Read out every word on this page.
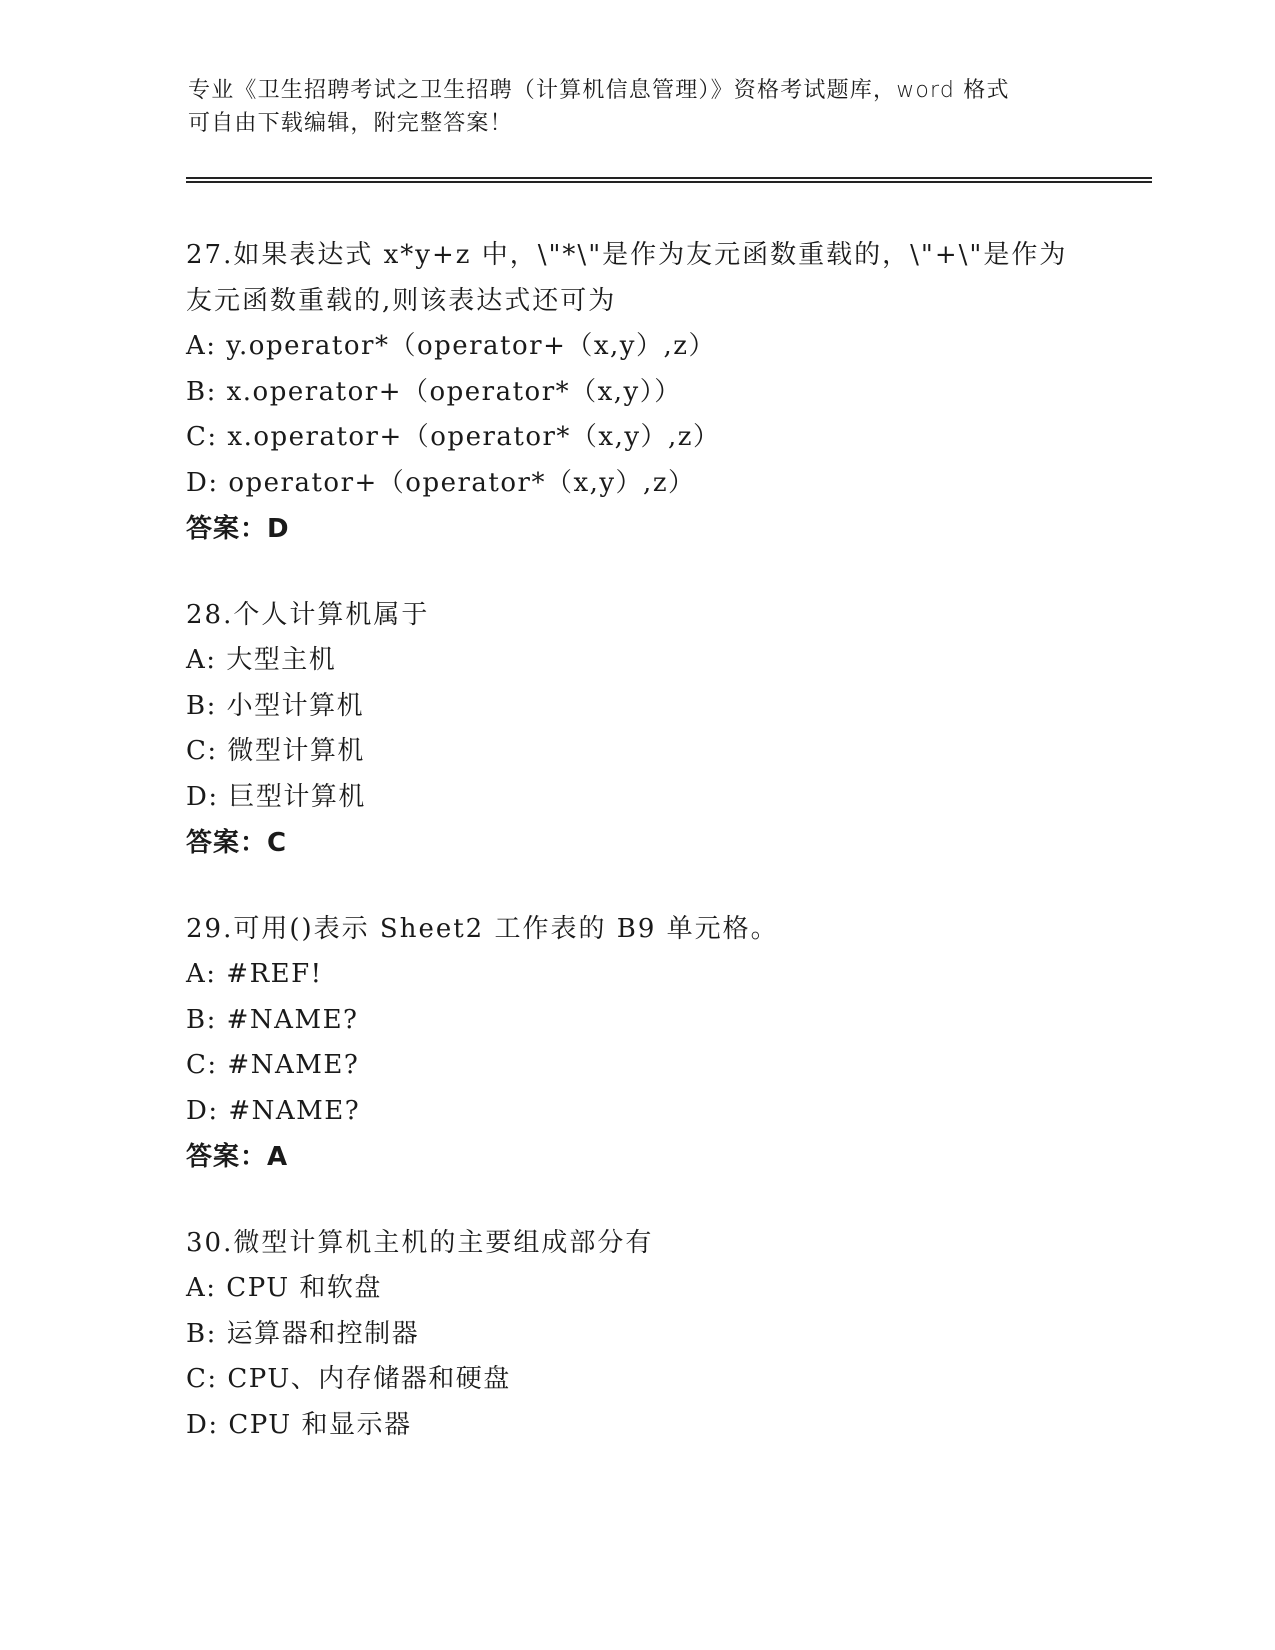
专业《卫生招聘考试之卫生招聘（计算机信息管理）》资格考试题库，word 格式
可自由下载编辑，附完整答案！
27.如果表达式 x*y+z 中，\"*\"是作为友元函数重载的，\"+\"是作为
友元函数重载的,则该表达式还可为
A: y.operator*（operator+（x,y）,z）
B: x.operator+（operator*（x,y））
C: x.operator+（operator*（x,y）,z）
D: operator+（operator*（x,y）,z）
答案：D
28.个人计算机属于
A: 大型主机
B: 小型计算机
C: 微型计算机
D: 巨型计算机
答案：C
29.可用()表示 Sheet2 工作表的 B9 单元格。
A: #REF!
B: #NAME?
C: #NAME?
D: #NAME?
答案：A
30.微型计算机主机的主要组成部分有
A: CPU 和软盘
B: 运算器和控制器
C: CPU、内存储器和硬盘
D: CPU 和显示器
